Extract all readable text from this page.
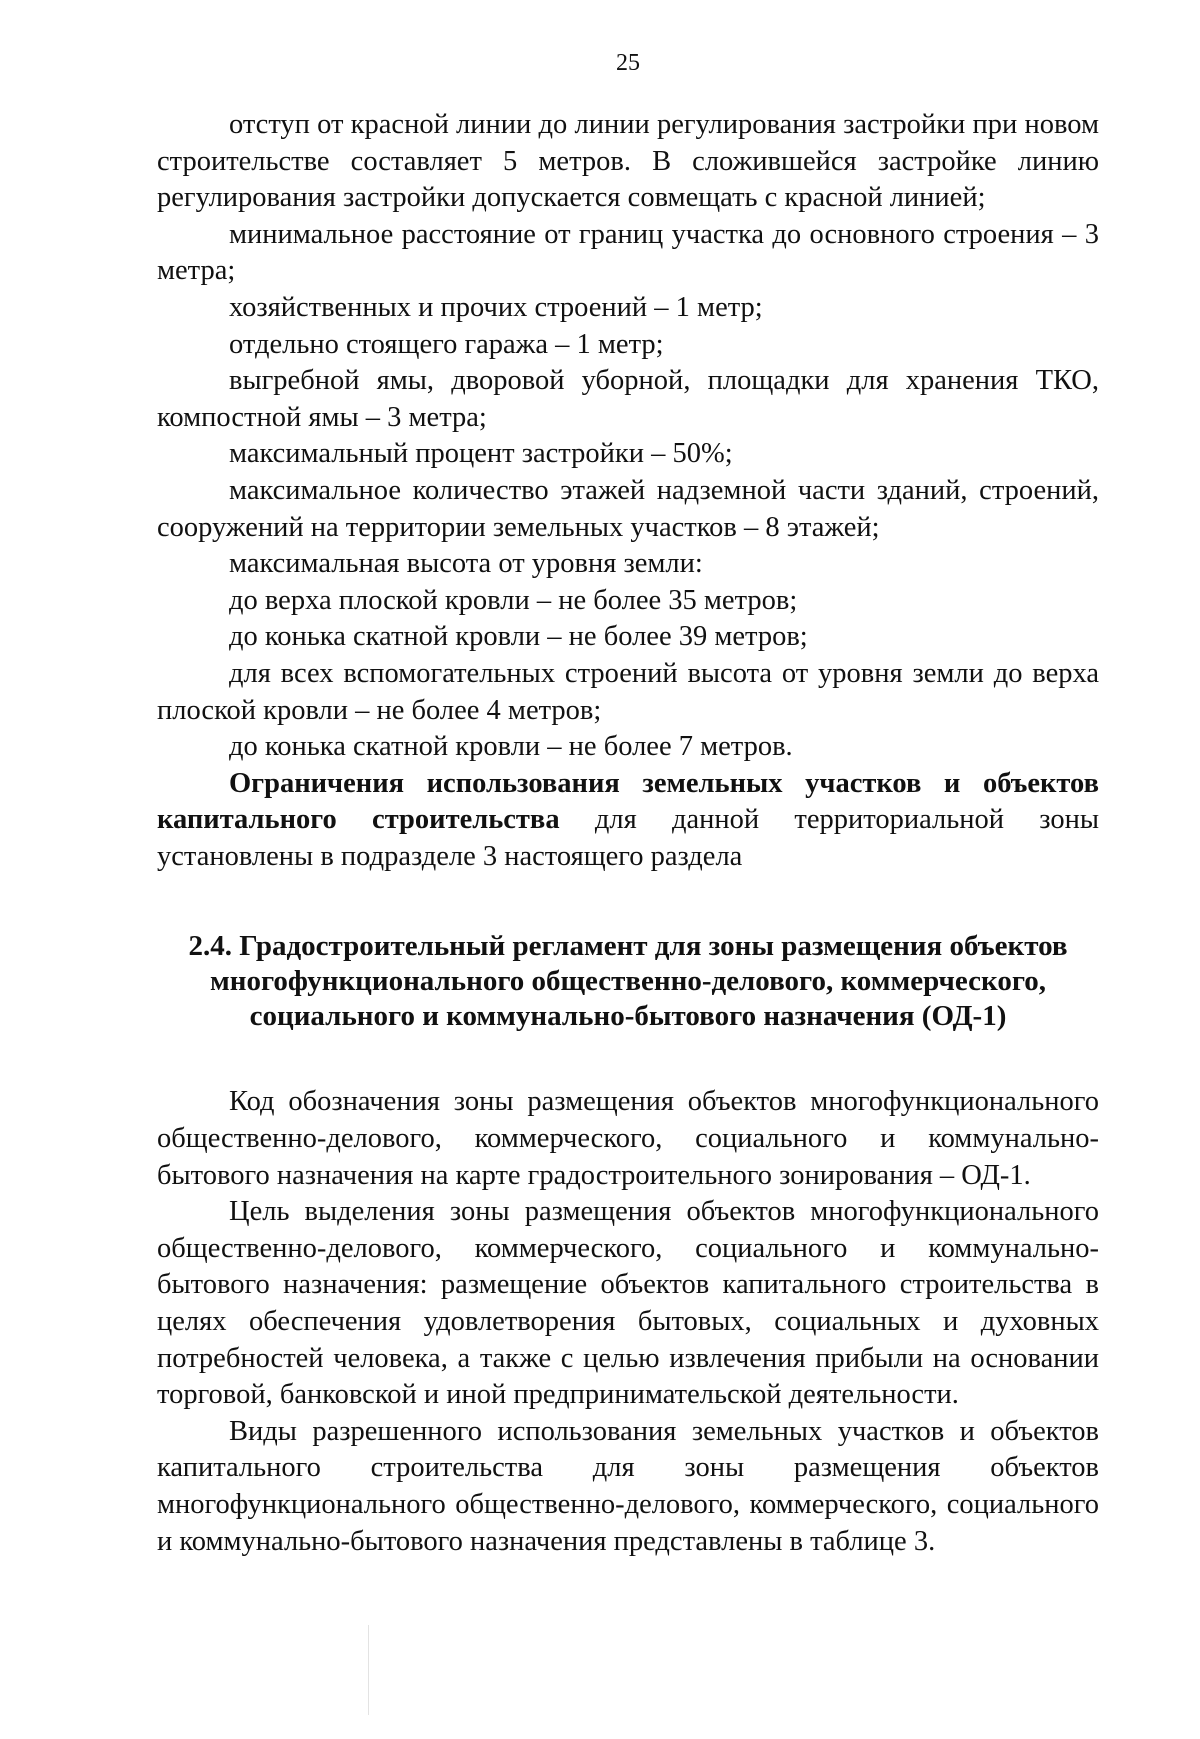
25

отступ от красной линии до линии регулирования застройки при новом строительстве составляет 5 метров. В сложившейся застройке линию регулирования застройки допускается совмещать с красной линией;

минимальное расстояние от границ участка до основного строения – 3 метра;

хозяйственных и прочих строений – 1 метр;

отдельно стоящего гаража – 1 метр;

выгребной ямы, дворовой уборной, площадки для хранения ТКО, компостной ямы – 3 метра;

максимальный процент застройки – 50%;

максимальное количество этажей надземной части зданий, строений, сооружений на территории земельных участков – 8 этажей;

максимальная высота от уровня земли:

до верха плоской кровли – не более 35 метров;

до конька скатной кровли – не более 39 метров;

для всех вспомогательных строений высота от уровня земли до верха плоской кровли – не более 4 метров;

до конька скатной кровли – не более 7 метров.

Ограничения использования земельных участков и объектов капитального строительства для данной территориальной зоны установлены в подразделе 3 настоящего раздела

2.4. Градостроительный регламент для зоны размещения объектов
многофункционального общественно-делового, коммерческого,
социального и коммунально-бытового назначения (ОД-1)

Код обозначения зоны размещения объектов многофункционального общественно-делового, коммерческого, социального и коммунально-бытового назначения на карте градостроительного зонирования – ОД-1.

Цель выделения зоны размещения объектов многофункционального общественно-делового, коммерческого, социального и коммунально-бытового назначения: размещение объектов капитального строительства в целях обеспечения удовлетворения бытовых, социальных и духовных потребностей человека, а также с целью извлечения прибыли на основании торговой, банковской и иной предпринимательской деятельности.

Виды разрешенного использования земельных участков и объектов капитального строительства для зоны размещения объектов многофункционального общественно-делового, коммерческого, социального и коммунально-бытового назначения представлены в таблице 3.
